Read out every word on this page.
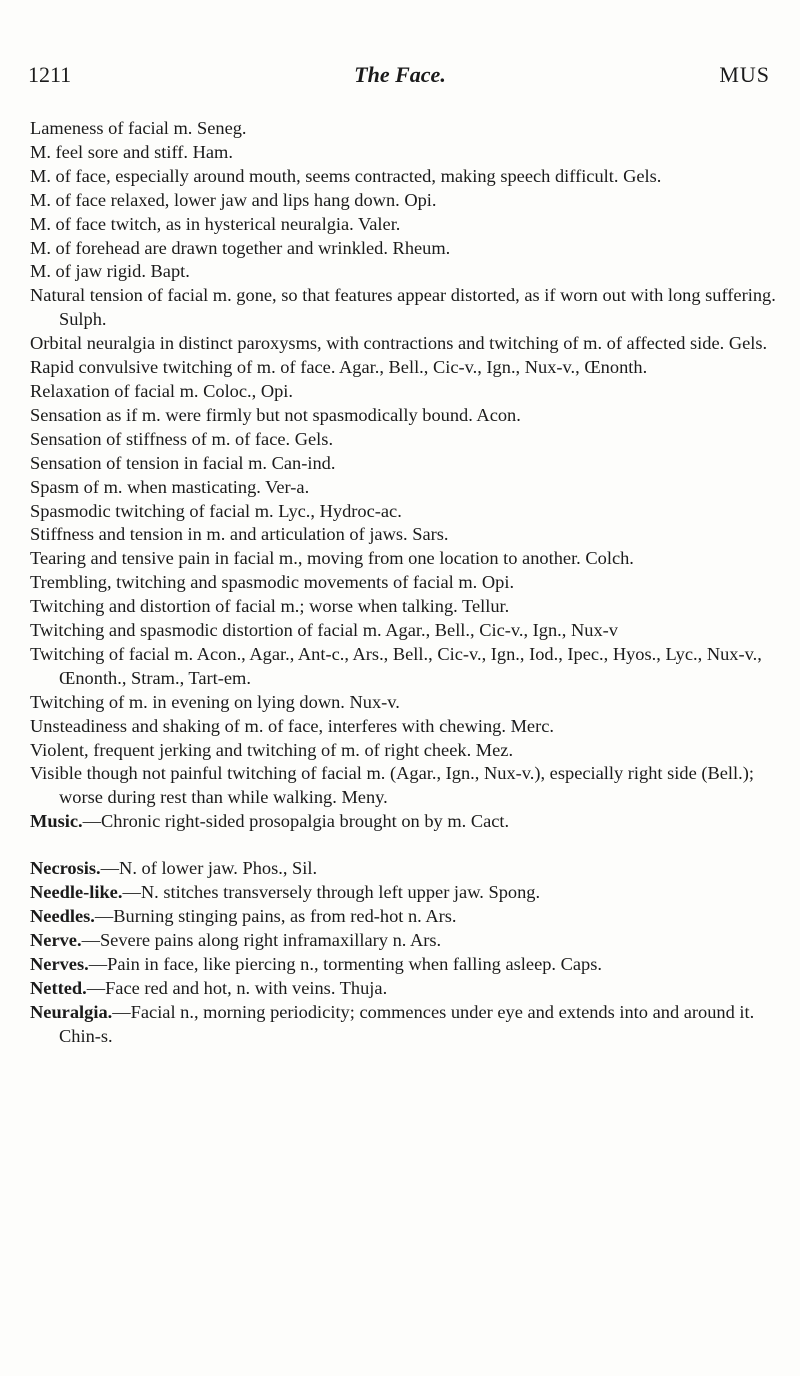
1211	The Face.	MUS
Lameness of facial m. Seneg.
M. feel sore and stiff. Ham.
M. of face, especially around mouth, seems contracted, making speech difficult. Gels.
M. of face relaxed, lower jaw and lips hang down. Opi.
M. of face twitch, as in hysterical neuralgia. Valer.
M. of forehead are drawn together and wrinkled. Rheum.
M. of jaw rigid. Bapt.
Natural tension of facial m. gone, so that features appear distorted, as if worn out with long suffering. Sulph.
Orbital neuralgia in distinct paroxysms, with contractions and twitching of m. of affected side. Gels.
Rapid convulsive twitching of m. of face. Agar., Bell., Cic-v., Ign., Nux-v., Œnonth.
Relaxation of facial m. Coloc., Opi.
Sensation as if m. were firmly but not spasmodically bound. Acon.
Sensation of stiffness of m. of face. Gels.
Sensation of tension in facial m. Can-ind.
Spasm of m. when masticating. Ver-a.
Spasmodic twitching of facial m. Lyc., Hydroc-ac.
Stiffness and tension in m. and articulation of jaws. Sars.
Tearing and tensive pain in facial m., moving from one location to another. Colch.
Trembling, twitching and spasmodic movements of facial m. Opi.
Twitching and distortion of facial m.; worse when talking. Tellur.
Twitching and spasmodic distortion of facial m. Agar., Bell., Cic-v., Ign., Nux-v
Twitching of facial m. Acon., Agar., Ant-c., Ars., Bell., Cic-v., Ign., Iod., Ipec., Hyos., Lyc., Nux-v., Œnonth., Stram., Tart-em.
Twitching of m. in evening on lying down. Nux-v.
Unsteadiness and shaking of m. of face, interferes with chewing. Merc.
Violent, frequent jerking and twitching of m. of right cheek. Mez.
Visible though not painful twitching of facial m. (Agar., Ign., Nux-v.), especially right side (Bell.); worse during rest than while walking. Meny.
Music.—Chronic right-sided prosopalgia brought on by m. Cact.
Necrosis.—N. of lower jaw. Phos., Sil.
Needle-like.—N. stitches transversely through left upper jaw. Spong.
Needles.—Burning stinging pains, as from red-hot n. Ars.
Nerve.—Severe pains along right inframaxillary n. Ars.
Nerves.—Pain in face, like piercing n., tormenting when falling asleep. Caps.
Netted.—Face red and hot, n. with veins. Thuja.
Neuralgia.—Facial n., morning periodicity; commences under eye and extends into and around it. Chin-s.
